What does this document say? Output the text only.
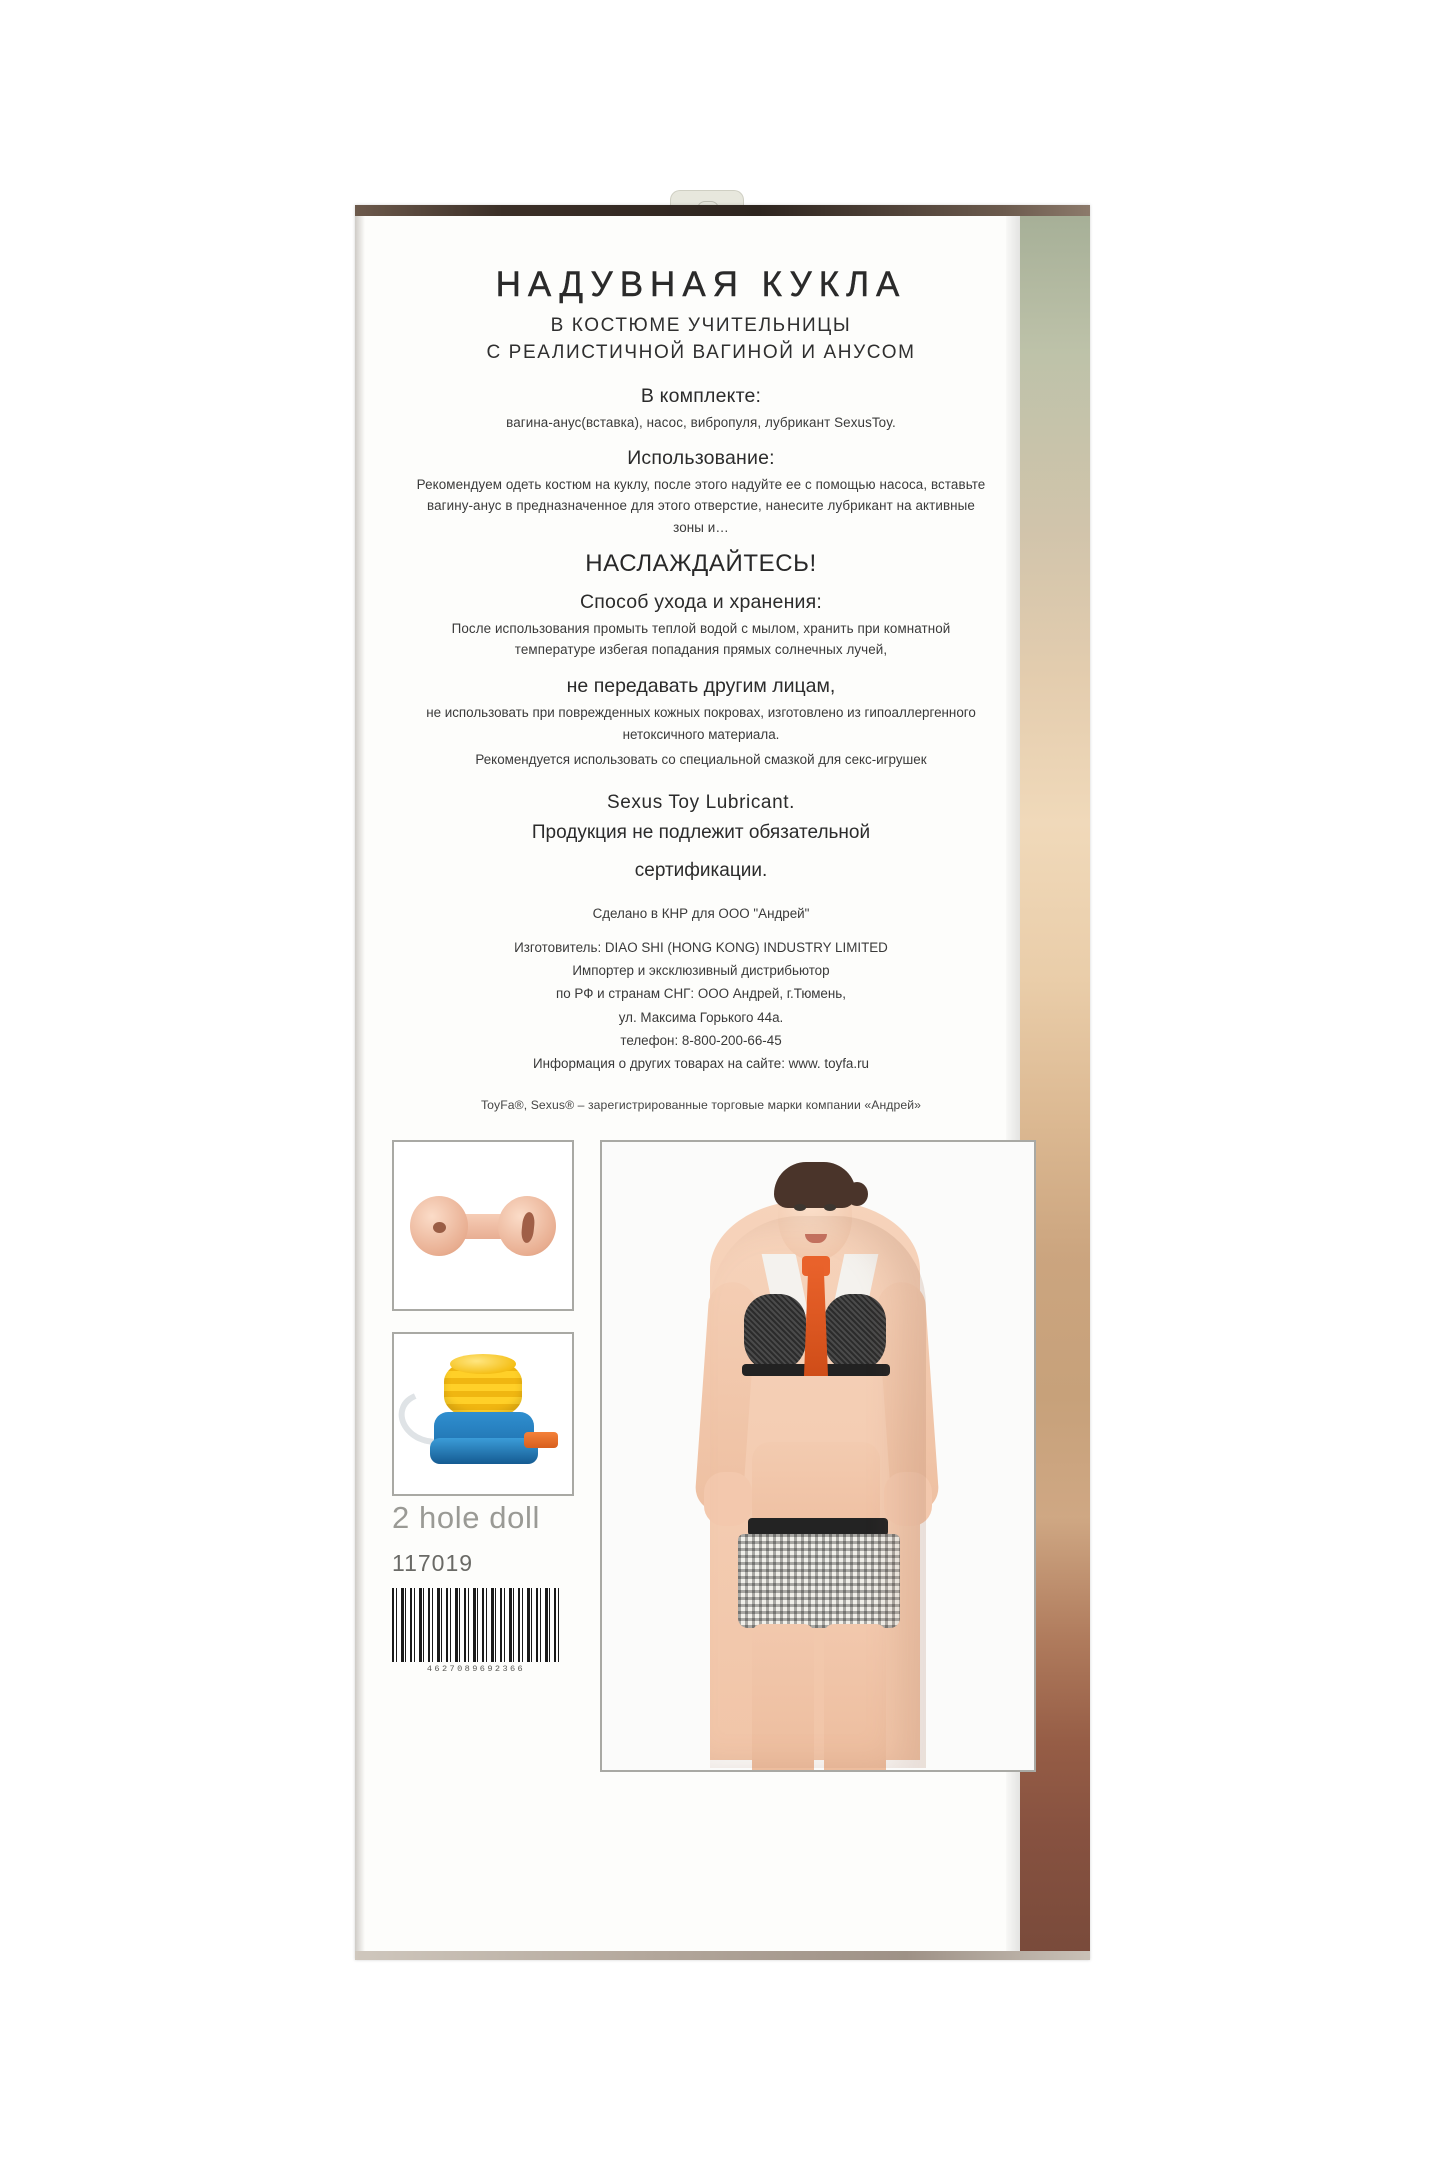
НАДУВНАЯ КУКЛА
В КОСТЮМЕ УЧИТЕЛЬНИЦЫ
С РЕАЛИСТИЧНОЙ ВАГИНОЙ И АНУСОМ
В комплекте:
вагина-анус(вставка), насос, вибропуля, лубрикант SexusToy.
Использование:
Рекомендуем одеть костюм на куклу, после этого надуйте ее с помощью насоса, вставьте вагину-анус в предназначенное для этого отверстие, нанесите лубрикант на активные зоны и…
НАСЛАЖДАЙТЕСЬ!
Способ ухода и хранения:
После использования промыть теплой водой с мылом, хранить при комнатной температуре избегая попадания прямых солнечных лучей,
не передавать другим лицам,
не использовать при поврежденных кожных покровах, изготовлено из гипоаллергенного нетоксичного материала.
Рекомендуется использовать со специальной смазкой для секс-игрушек
Sexus Toy Lubricant.
Продукция не подлежит обязательной
сертификации.
Сделано в КНР для ООО "Андрей"
Изготовитель: DIAO SHI (HONG KONG) INDUSTRY LIMITED
Импортер и эксклюзивный дистрибьютор
по РФ и странам СНГ: ООО Андрей, г.Тюмень,
ул. Максима Горького 44а.
телефон: 8-800-200-66-45
Информация о других товарах на сайте: www. toyfa.ru
ToyFa®, Sexus® – зарегистрированные торговые марки компании «Андрей»
2 hole doll
117019
4627089692366
